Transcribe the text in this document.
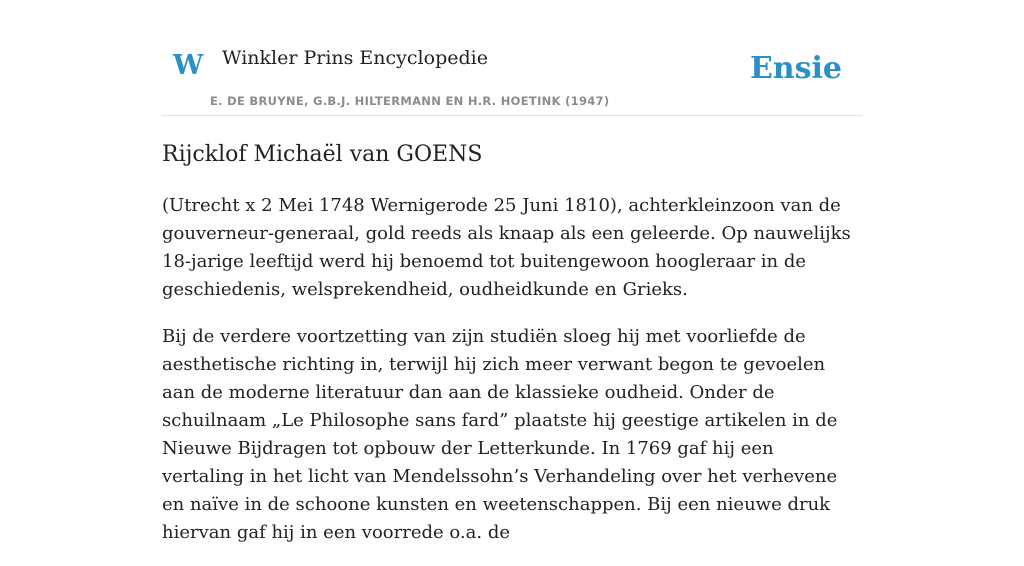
W Winkler Prins Encyclopedie	Ensie
E. DE BRUYNE, G.B.J. HILTERMANN EN H.R. HOETINK (1947)
Rijcklof Michaël van GOENS

(Utrecht x 2 Mei 1748 Wernigerode 25 Juni 1810), achterkleinzoon van de gouverneur-generaal, gold reeds als knaap als een geleerde. Op nauwelijks 18-jarige leeftijd werd hij benoemd tot buitengewoon hoogleraar in de geschiedenis, welsprekendheid, oudheidkunde en Grieks.

Bij de verdere voortzetting van zijn studiën sloeg hij met voorliefde de aesthetische richting in, terwijl hij zich meer verwant begon te gevoelen aan de moderne literatuur dan aan de klassieke oudheid. Onder de schuilnaam „Le Philosophe sans fard” plaatste hij geestige artikelen in de Nieuwe Bijdragen tot opbouw der Letterkunde. In 1769 gaf hij een vertaling in het licht van Mendelssohn’s Verhandeling over het verhevene en naïve in de schoone kunsten en weetenschappen. Bij een nieuwe druk hiervan gaf hij in een voorrede o.a. de
